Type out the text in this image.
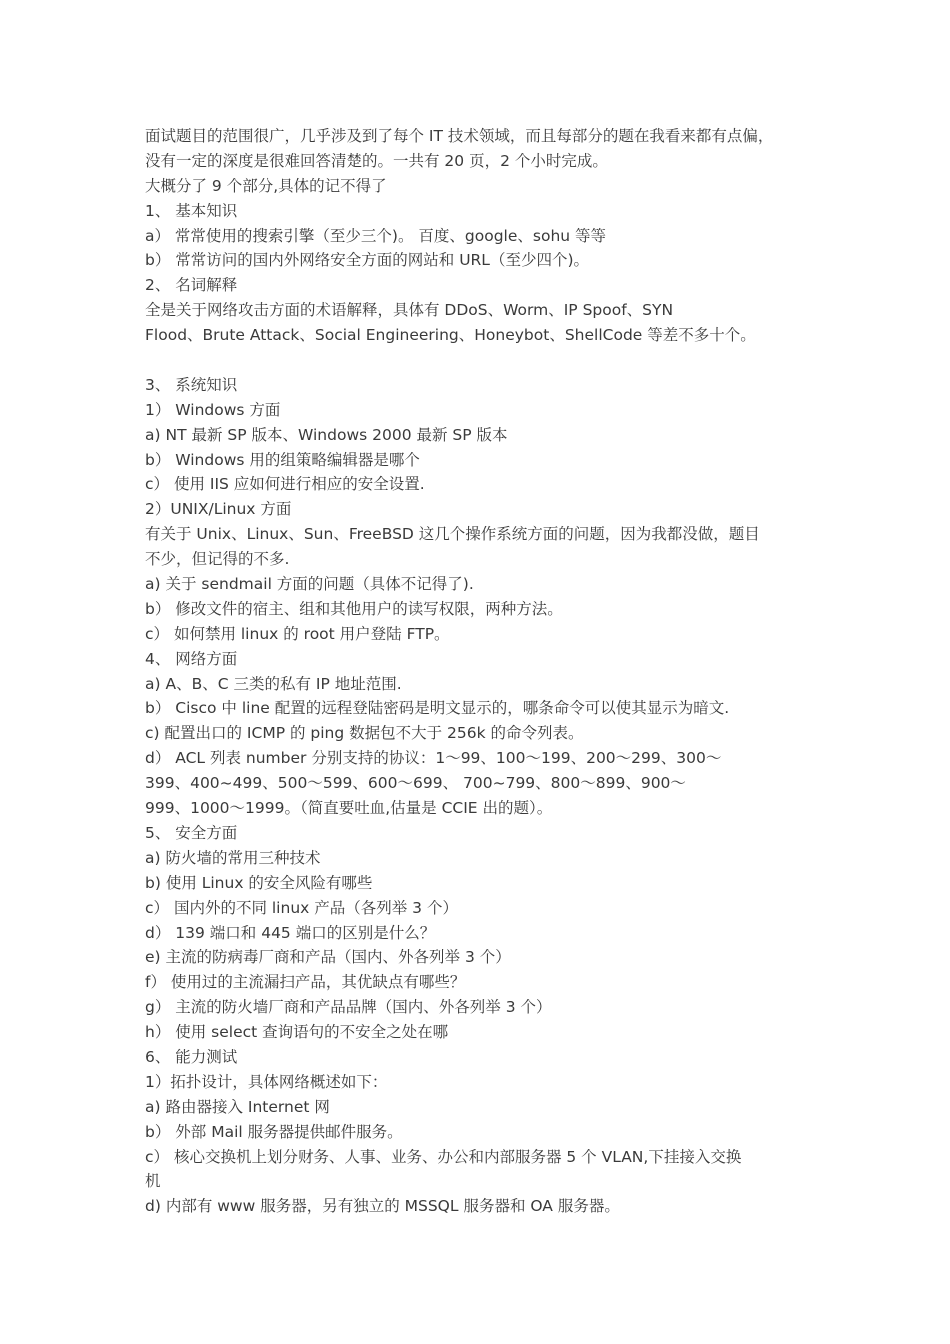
面试题目的范围很广，几乎涉及到了每个 IT 技术领域，而且每部分的题在我看来都有点偏，
没有一定的深度是很难回答清楚的。一共有 20 页，2 个小时完成。
大概分了 9 个部分,具体的记不得了
1、 基本知识
a） 常常使用的搜索引擎（至少三个)。 百度、google、sohu 等等
b） 常常访问的国内外网络安全方面的网站和 URL（至少四个)。
2、 名词解释
全是关于网络攻击方面的术语解释，具体有 DDoS、Worm、IP Spoof、SYN
Flood、Brute Attack、Social Engineering、Honeybot、ShellCode 等差不多十个。
3、 系统知识
1） Windows 方面
a) NT 最新 SP 版本、Windows 2000 最新 SP 版本
b） Windows 用的组策略编辑器是哪个
c） 使用 IIS 应如何进行相应的安全设置.
2）UNIX/Linux 方面
有关于 Unix、Linux、Sun、FreeBSD 这几个操作系统方面的问题，因为我都没做，题目
不少，但记得的不多.
a) 关于 sendmail 方面的问题（具体不记得了).
b） 修改文件的宿主、组和其他用户的读写权限，两种方法。
c） 如何禁用 linux 的 root 用户登陆 FTP。
4、 网络方面
a) A、B、C 三类的私有 IP 地址范围.
b） Cisco 中 line 配置的远程登陆密码是明文显示的，哪条命令可以使其显示为暗文.
c) 配置出口的 ICMP 的 ping 数据包不大于 256k 的命令列表。
d） ACL 列表 number 分别支持的协议：1～99、100～199、200～299、300～
399、400~499、500～599、600～699、 700~799、800～899、900～
999、1000～1999。（简直要吐血,估量是 CCIE 出的题）。
5、 安全方面
a) 防火墙的常用三种技术
b) 使用 Linux 的安全风险有哪些
c） 国内外的不同 linux 产品（各列举 3 个）
d） 139 端口和 445 端口的区别是什么？
e) 主流的防病毒厂商和产品（国内、外各列举 3 个）
f） 使用过的主流漏扫产品，其优缺点有哪些？
g） 主流的防火墙厂商和产品品牌（国内、外各列举 3 个）
h） 使用 select 查询语句的不安全之处在哪
6、 能力测试
1）拓扑设计，具体网络概述如下：
a) 路由器接入 Internet 网
b） 外部 Mail 服务器提供邮件服务。
c） 核心交换机上划分财务、人事、业务、办公和内部服务器 5 个 VLAN,下挂接入交换
机
d) 内部有 www 服务器，另有独立的 MSSQL 服务器和 OA 服务器。
